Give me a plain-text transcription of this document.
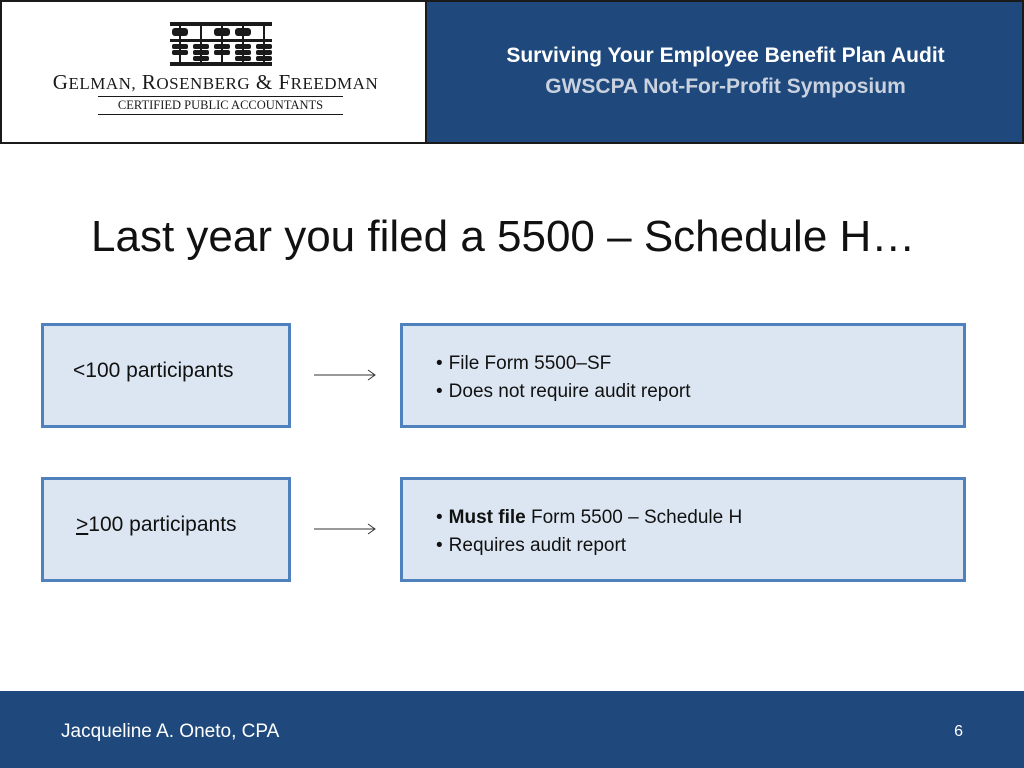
GELMAN, ROSENBERG & FREEDMAN
CERTIFIED PUBLIC ACCOUNTANTS
Surviving Your Employee Benefit Plan Audit
GWSCPA Not-For-Profit Symposium
Last year you filed a 5500 – Schedule H…
<100 participants	• File Form 5500–SF
• Does not require audit report
>100 participants	• Must file Form 5500 – Schedule H
• Requires audit report
Jacqueline A. Oneto, CPA	6
